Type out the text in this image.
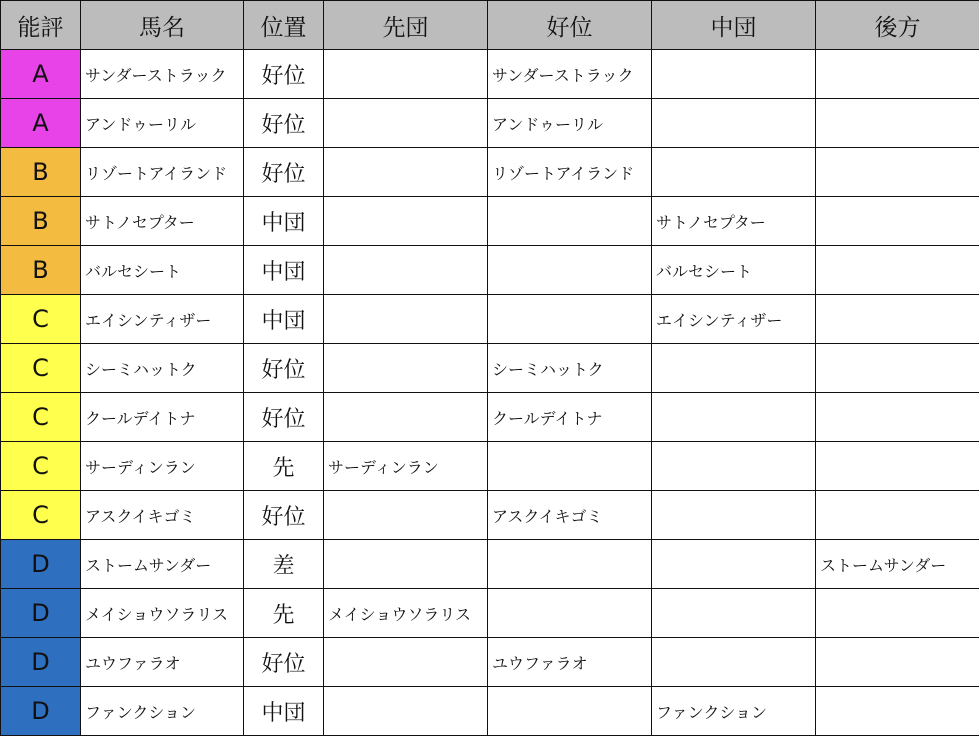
能評	馬名	位置	先団	好位	中団	後方
A	サンダーストラック	好位		サンダーストラック		
A	アンドゥーリル	好位		アンドゥーリル		
B	リゾートアイランド	好位		リゾートアイランド		
B	サトノセプター	中団			サトノセプター	
B	バルセシート	中団			バルセシート	
C	エイシンティザー	中団			エイシンティザー	
C	シーミハットク	好位		シーミハットク		
C	クールデイトナ	好位		クールデイトナ		
C	サーディンラン	先	サーディンラン			
C	アスクイキゴミ	好位		アスクイキゴミ		
D	ストームサンダー	差				ストームサンダー
D	メイショウソラリス	先	メイショウソラリス			
D	ユウファラオ	好位		ユウファラオ		
D	ファンクション	中団			ファンクション	
